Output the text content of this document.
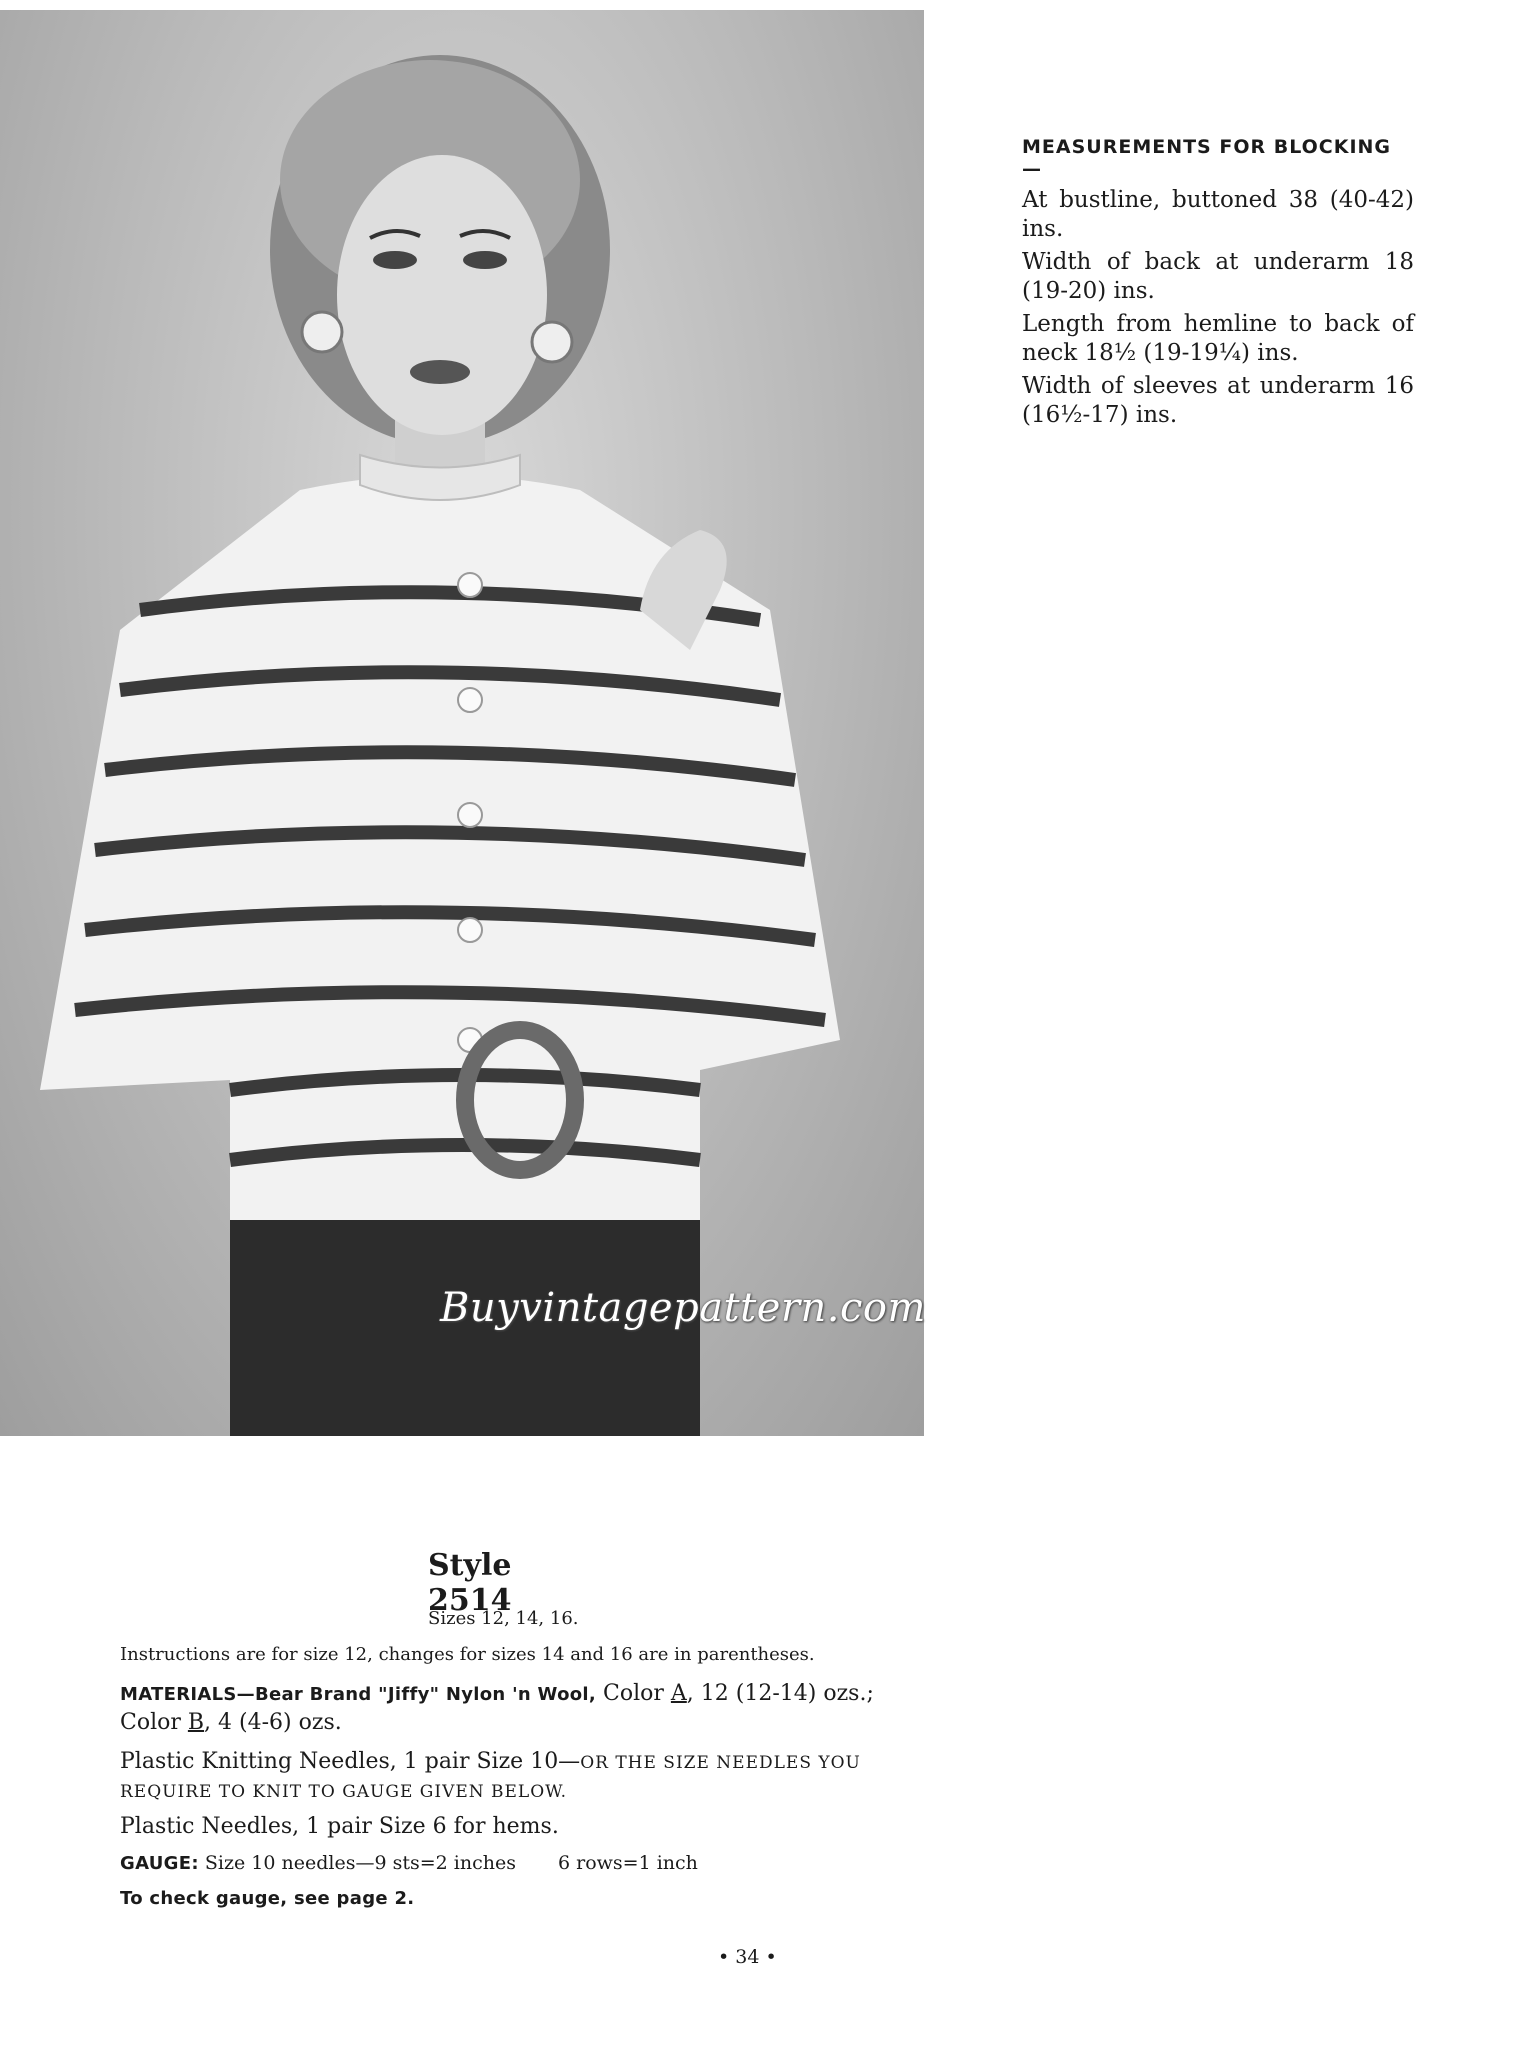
Buyvintagepattern.com
MEASUREMENTS FOR BLOCKING —

At bustline, buttoned 38 (40-42) ins.

Width of back at underarm 18 (19-20) ins.

Length from hemline to back of neck 18½ (19-19¼) ins.

Width of sleeves at underarm 16 (16½-17) ins.

Style 2514
Sizes 12, 14, 16.
Instructions are for size 12, changes for sizes 14 and 16 are in parentheses.
MATERIALS—Bear Brand "Jiffy" Nylon 'n Wool, Color A, 12 (12-14) ozs.; Color B, 4 (4-6) ozs.
Plastic Knitting Needles, 1 pair Size 10—OR THE SIZE NEEDLES YOU REQUIRE TO KNIT TO GAUGE GIVEN BELOW.
Plastic Needles, 1 pair Size 6 for hems.
GAUGE: Size 10 needles—9 sts=2 inches 6 rows=1 inch
To check gauge, see page 2.
• 34 •
